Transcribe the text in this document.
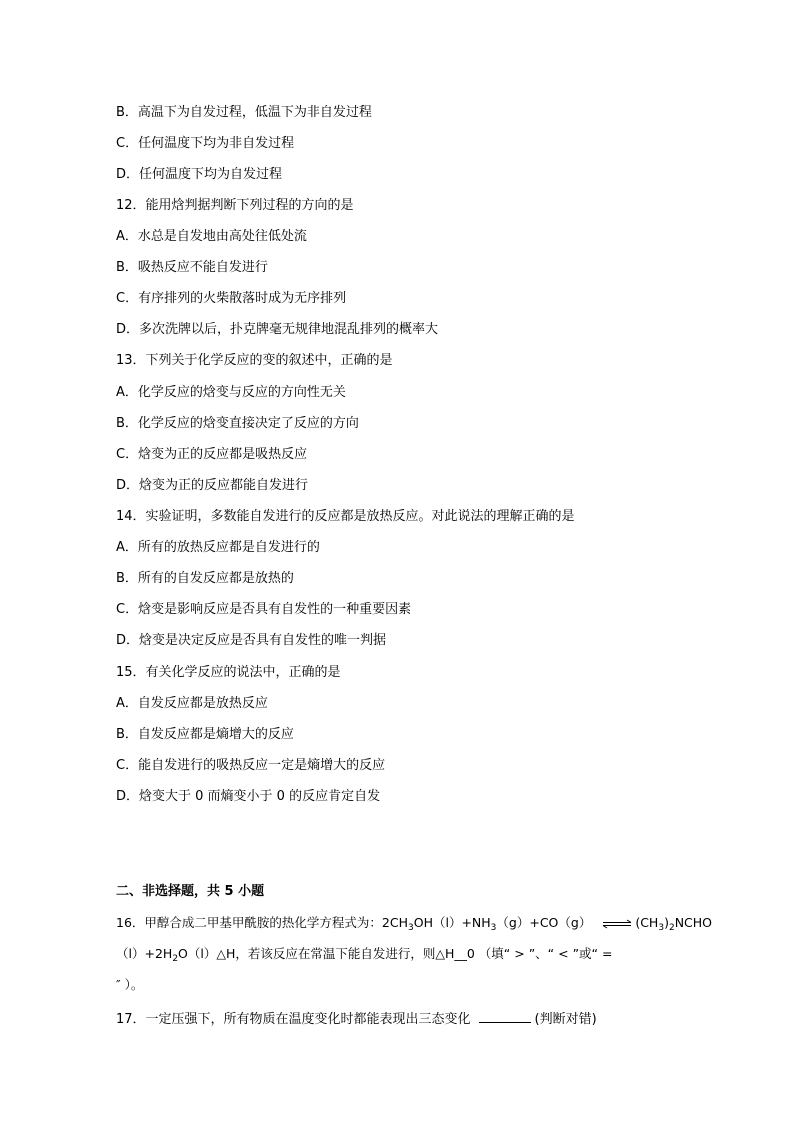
B．高温下为自发过程，低温下为非自发过程
C．任何温度下均为非自发过程
D．任何温度下均为自发过程
12．能用焓判据判断下列过程的方向的是
A．水总是自发地由高处往低处流
B．吸热反应不能自发进行
C．有序排列的火柴散落时成为无序排列
D．多次洗牌以后，扑克牌毫无规律地混乱排列的概率大
13．下列关于化学反应的变的叙述中，正确的是
A．化学反应的焓变与反应的方向性无关
B．化学反应的焓变直接决定了反应的方向
C．焓变为正的反应都是吸热反应
D．焓变为正的反应都能自发进行
14．实验证明，多数能自发进行的反应都是放热反应。对此说法的理解正确的是
A．所有的放热反应都是自发进行的
B．所有的自发反应都是放热的
C．焓变是影响反应是否具有自发性的一种重要因素
D．焓变是决定反应是否具有自发性的唯一判据
15．有关化学反应的说法中，正确的是
A．自发反应都是放热反应
B．自发反应都是熵增大的反应
C．能自发进行的吸热反应一定是熵增大的反应
D．焓变大于 0 而熵变小于 0 的反应肯定自发
二、非选择题，共 5 小题
16．甲醇合成二甲基甲酰胺的热化学方程式为：$2CH_3OH(l)+NH_3(g)+CO(g)$ ⇌ $(CH_3)_2NCHO$
$(l)+2H_2O(l)\triangle H$，若该反应在常温下能自发进行，则△H__0 （填“ > ”、“ < ”或“ =
″ ）。
17．一定压强下，所有物质在温度变化时都能表现出三态变化	(判断对错)
